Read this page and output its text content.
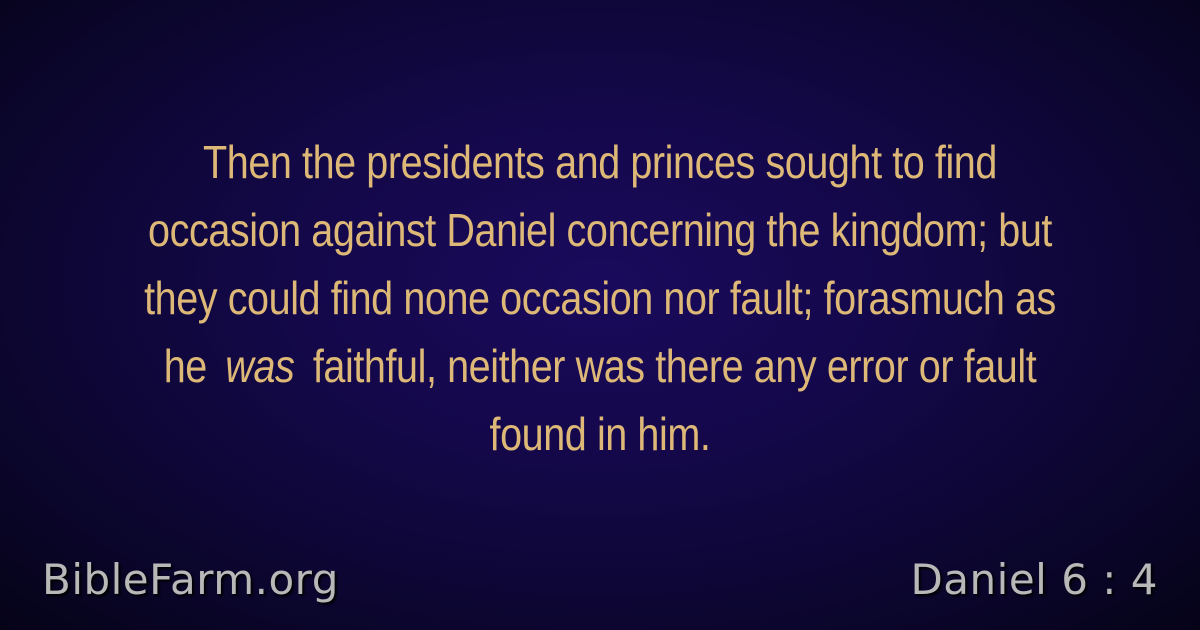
Then the presidents and princes sought to find
occasion against Daniel concerning the kingdom; but
they could find none occasion nor fault; forasmuch as
he was faithful, neither was there any error or fault
found in him.
BibleFarm.org	Daniel 6 : 4
